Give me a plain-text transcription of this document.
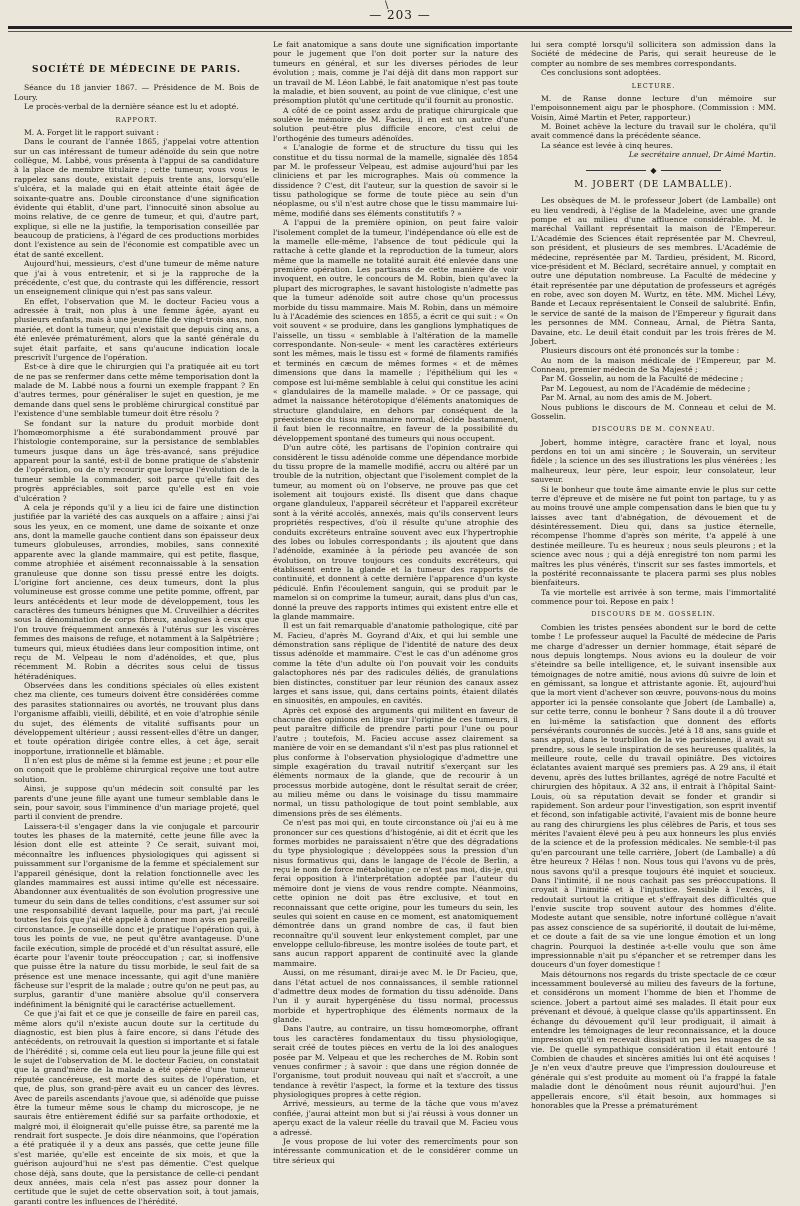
\
— 203 —
SOCIÉTÉ DE MÉDECINE DE PARIS.

Séance du 18 janvier 1867. — Présidence de M. Bois de Loury.

Le procès-verbal de la dernière séance est lu et adopté.

RAPPORT.

M. A. Forget lit le rapport suivant :

Dans le courant de l'année 1865, j'appelai votre attention sur un cas intéressant de tumeur adénoïde du sein que notre collègue, M. Labbé, vous présenta à l'appui de sa candidature à la place de membre titulaire ; cette tumeur, vous vous le rappelez sans doute, existait depuis trente ans, lorsqu'elle s'ulcéra, et la malade qui en était atteinte était âgée de soixante-quatre ans. Double circonstance d'une signification évidente qui établit, d'une part, l'innocuité sinon absolue au moins relative, de ce genre de tumeur, et qui, d'autre part, explique, si elle ne la justifie, la temporisation conseillée par beaucoup de praticiens, à l'égard de ces productions morbides dont l'existence au sein de l'économie est compatible avec un état de santé excellent.

Aujourd'hui, messieurs, c'est d'une tumeur de même nature que j'ai à vous entretenir, et si je la rapproche de la précédente, c'est que, du contraste qui les différencie, ressort un enseignement clinique qui n'est pas sans valeur.

En effet, l'observation que M. le docteur Facieu vous a adressée à trait, non plus à une femme âgée, ayant eu plusieurs enfants, mais à une jeune fille de vingt-trois ans, non mariée, et dont la tumeur, qui n'existait que depuis cinq ans, a été enlevée prématurément, alors que la santé générale du sujet était parfaite, et sans qu'aucune indication locale prescrivît l'urgence de l'opération.

Est-ce à dire que le chirurgien qui l'a pratiquée ait eu tort de ne pas se renfermer dans cette même temporisation dont la malade de M. Labbé nous a fourni un exemple frappant ? En d'autres termes, pour généraliser le sujet en question, je me demande dans quel sens le problème chirurgical constitué par l'existence d'une semblable tumeur doit être résolu ?

Se fondant sur la nature du produit morbide dont l'homœomorphisme a été surabondamment prouvé par l'histologie contemporaine, sur la persistance de semblables tumeurs jusque dans un âge très-avancé, sans préjudice apparent pour la santé, est-il de bonne pratique de s'abstenir de l'opération, ou de n'y recourir que lorsque l'évolution de la tumeur semble la commander, soit parce qu'elle fait des progrès appréciables, soit parce qu'elle est en voie d'ulcération ?

A cela je réponds qu'il y a lieu ici de faire une distinction justifiée par la variété des cas auxquels on a affaire ; ainsi j'ai sous les yeux, en ce moment, une dame de soixante et onze ans, dont la mamelle gauche contient dans son épaisseur deux tumeurs globuleuses, arrondies, mobiles, sans connexité apparente avec la glande mammaire, qui est petite, flasque, comme atrophiée et aisément reconnaissable à la sensation granuleuse que donne son tissu pressé entre les doigts. L'origine fort ancienne, ces deux tumeurs, dont la plus volumineuse est grosse comme une petite pomme, offrent, par leurs antécédents et leur mode de développement, tous les caractères des tumeurs bénignes que M. Cruveilhier a décrites sous la dénomination de corps fibreux, analogues à ceux que l'on trouve fréquemment annexés à l'utérus sur les viscères femmes des maisons de refuge, et notamment à la Salpêtrière ; tumeurs qui, mieux étudiées dans leur composition intime, ont reçu de M. Velpeau le nom d'adénoïdes, et que, plus récemment M. Robin a décrites sous celui de tissus hétéradéniques.

Observées dans les conditions spéciales où elles existent chez ma cliente, ces tumeurs doivent être considérées comme des parasites stationnaires ou avortés, ne trouvant plus dans l'organisme affaibli, vieilli, débilité, et en voie d'atrophie sénile du sujet, des éléments de vitalité suffisants pour un développement ultérieur ; aussi ressent-elles d'être un danger, et toute opération dirigée contre elles, à cet âge, serait inopportune, irrationnelle et blâmable.

Il n'en est plus de même si la femme est jeune ; et pour elle on conçoit que le problème chirurgical reçoive une tout autre solution.

Ainsi, je suppose qu'un médecin soit consulté par les parents d'une jeune fille ayant une tumeur semblable dans le sein, pour savoir, sous l'imminence d'un mariage projeté, quel parti il convient de prendre.

Laissera-t-il s'engager dans la vie conjugale et parcourir toutes les phases de la maternité, cette jeune fille avec la lésion dont elle est atteinte ? Ce serait, suivant moi, méconnaître les influences physiologiques qui agissent si puissamment sur l'organisme de la femme et spécialement sur l'appareil génésique, dont la relation fonctionnelle avec les glandes mammaires est aussi intime qu'elle est nécessaire. Abandonner aux éventualités de son évolution progressive une tumeur du sein dans de telles conditions, c'est assumer sur soi une responsabilité devant laquelle, pour ma part, j'ai reculé toutes les fois que j'ai été appelé à donner mon avis en pareille circonstance. Je conseille donc et je pratique l'opération qui, à tous les points de vue, ne peut qu'être avantageuse. D'une facile exécution, simple de procédé et d'un résultat assuré, elle écarte pour l'avenir toute préoccupation ; car, si inoffensive que puisse être la nature du tissu morbide, le seul fait de sa présence est une menace incessante, qui agit d'une manière fâcheuse sur l'esprit de la malade ; outre qu'on ne peut pas, au surplus, garantir d'une manière absolue qu'il conservera indéfiniment la bénignité qui le caractérise actuellement.

Ce que j'ai fait et ce que je conseille de faire en pareil cas, même alors qu'il n'existe aucun doute sur la certitude du diagnostic, est bien plus à faire encore, si dans l'étude des antécédents, on retrouvait la question si importante et si fatale de l'hérédité ; si, comme cela eut lieu pour la jeune fille qui est le sujet de l'observation de M. le docteur Facieu, on constatait que la grand'mère de la malade a été opérée d'une tumeur réputée cancéreuse, est morte des suites de l'opération, et que, de plus, son grand-père avait eu un cancer des lèvres. Avec de pareils ascendants j'avoue que, si adénoïde que puisse être la tumeur même sous le champ du microscope, je ne saurais être entièrement édifié sur sa parfaite orthodoxie, et malgré moi, il éloignerait qu'elle puisse être, sa parenté me la rendrait fort suspecte. Je dois dire néanmoins, que l'opération a été pratiquée il y a deux ans passés, que cette jeune fille s'est mariée, qu'elle est enceinte de six mois, et que la guérison aujourd'hui ne s'est pas démentie. C'est quelque chose déjà, sans doute, que la persistance de celle-ci pendant deux années, mais cela n'est pas assez pour donner la certitude que le sujet de cette observation soit, à tout jamais, garanti contre les influences de l'hérédité.

Le fait anatomique a sans doute une signification importante pour le jugement que l'on doit porter sur la nature des tumeurs en général, et sur les diverses périodes de leur évolution ; mais, comme je l'ai déjà dit dans mon rapport sur un travail de M. Léon Labbé, le fait anatomique n'est pas toute la maladie, et bien souvent, au point de vue clinique, c'est une présomption plutôt qu'une certitude qu'il fournit au pronostic.

A côté de ce point assez ardu de pratique chirurgicale que soulève le mémoire de M. Facieu, il en est un autre d'une solution peut-être plus difficile encore, c'est celui de l'orthogénie des tumeurs adénoïdes.

« L'analogie de forme et de structure du tissu qui les constitue et du tissu normal de la mamelle, signalée dès 1854 par M. le professeur Velpeau, est admise aujourd'hui par les cliniciens et par les micrographes. Mais où commence la dissidence ? C'est, dit l'auteur, sur la question de savoir si le tissu pathologique se forme de toute pièce au sein d'un néoplasme, ou s'il n'est autre chose que le tissu mammaire lui-même, modifié dans ses éléments constitutifs ? »

A l'appui de la première opinion, on peut faire valoir l'isolement complet de la tumeur, l'indépendance où elle est de la mamelle elle-même, l'absence de tout pédicule qui la rattache à cette glande et la reproduction de la tumeur, alors même que la mamelle ne totalité aurait été enlevée dans une première opération. Les partisans de cette manière de voir invoquent, en outre, le concours de M. Robin, bien qu'avec la plupart des micrographes, le savant histologiste n'admette pas que la tumeur adénoïde soit autre chose qu'un processus morbide du tissu mammaire. Mais M. Robin, dans un mémoire lu à l'Académie des sciences en 1855, a écrit ce qui suit : « On voit souvent « se produire, dans les ganglions lymphatiques de l'aisselle, un tissu « semblable à l'altération de la mamelle correspondante. Non-seule- « ment les caractères extérieurs sont les mêmes, mais le tissu est « formé de filaments ramifiés et terminés en cæcum de mêmes formes « et de mêmes dimensions que dans la mamelle ; l'épithélium qui les « compose est lui-même semblable à celui qui constitue les acini « glandulaires de la mamelle malade. » Or ce passage, qui admet la naissance hétérotopique d'éléments anatomiques de structure glandulaire, en dehors par conséquent de la préexistence du tissu mammaire normal, décide bastamment, il faut bien le reconnaître, en faveur de la possibilité du développement spontané des tumeurs qui nous occupent.

D'un autre côté, les partisans de l'opinion contraire qui considèrent le tissu adénoïde comme une dépendance morbide du tissu propre de la mamelle modifié, accru ou altéré par un trouble de la nutrition, objectant que l'isolement complet de la tumeur, au moment où on l'observe, ne prouve pas que cet isolement ait toujours existé. Ils disent que dans chaque organe glanduleux, l'appareil sécréteur et l'appareil excréteur sont à la vérité accolés, annexés, mais qu'ils conservent leurs propriétés respectives, d'où il résulte qu'une atrophie des conduits excréteurs entraîne souvent avec eux l'hypertrophie des lobes ou lobules correspondants ; ils ajoutent que dans l'adénoïde, examinée à la période peu avancée de son évolution, on trouve toujours ces conduits excréteurs, qui établissent entre la glande et la tumeur des rapports de continuité, et donnent à cette dernière l'apparence d'un kyste pédiculé. Enfin l'écoulement sanguin, qui se produit par le mamelon si on comprime la tumeur, aurait, dans plus d'un cas, donné la preuve des rapports intimes qui existent entre elle et la glande mammaire.

Il est un fait remarquable d'anatomie pathologique, cité par M. Facieu, d'après M. Goyrand d'Aix, et qui lui semble une démonstration sans réplique de l'identité de nature des deux tissus adénoïde et mammaire. C'est le cas d'un adénome gros comme la tête d'un adulte où l'on pouvait voir les conduits galactophores nés par des radicules déliés, de granulations bien distinctes, constituer par leur réunion des canaux assez larges et sans issue, qui, dans certains points, étaient dilatés en sinuosités, en ampoules, en cavités.

Après cet exposé des arguments qui militent en faveur de chacune des opinions en litige sur l'origine de ces tumeurs, il peut paraître difficile de prendre parti pour l'une ou pour l'autre ; toutefois, M. Facieu accuse assez clairement sa manière de voir en se demandant s'il n'est pas plus rationnel et plus conforme à l'observation physiologique d'admettre une simple exagération du travail nutritif s'exerçant sur les éléments normaux de la glande, que de recourir à un processus morbide autogène, dont le résultat serait de créer, au milieu même ou dans le voisinage du tissu mammaire normal, un tissu pathologique de tout point semblable, aux dimensions près de ses éléments.

Ce n'est pas moi qui, en toute circonstance où j'ai eu à me prononcer sur ces questions d'histogénie, ai dit et écrit que les formes morbides ne paraissaient n'être que des dégradations du type physiologique ; développées sous la pression d'un nisus formativus qui, dans le langage de l'école de Berlin, a reçu le nom de force métabolique ; ce n'est pas moi, dis-je, qui ferai opposition à l'interprétation adoptée par l'auteur du mémoire dont je viens de vous rendre compte. Néanmoins, cette opinion ne doit pas être exclusive, et tout en reconnaissant que cette origine, pour les tumeurs du sein, les seules qui soient en cause en ce moment, est anatomiquement démontrée dans un grand nombre de cas, il faut bien reconnaître qu'il souvent leur enkystement complet, par une enveloppe cellulo-fibreuse, les montre isolées de toute part, et sans aucun rapport apparent de continuité avec la glande mammaire.

Aussi, on me résumant, dirai-je avec M. le Dr Facieu, que, dans l'état actuel de nos connaissances, il semble rationnel d'admettre deux modes de formation du tissu adénoïde. Dans l'un il y aurait hypergénèse du tissu normal, processus morbide et hypertrophique des éléments normaux de la glande.

Dans l'autre, au contraire, un tissu homœomorphe, offrant tous les caractères fondamentaux du tissu physiologique, serait créé de toutes pièces en vertu de la loi des analogues posée par M. Velpeau et que les recherches de M. Robin sont venues confirmer ; à savoir : que dans une région donnée de l'organisme, tout produit nouveau qui naît et s'accroît, a une tendance à revêtir l'aspect, la forme et la texture des tissus physiologiques propres à cette région.

Arrivé, messieurs, au terme de la tâche que vous m'avez confiée, j'aurai atteint mon but si j'ai réussi à vous donner un aperçu exact de la valeur réelle du travail que M. Facieu vous a adressé.

Je vous propose de lui voter des remercîments pour son intéressante communication et de le considérer comme un titre sérieux qui

lui sera compté lorsqu'il sollicitera son admission dans la Société de médecine de Paris, qui serait heureuse de le compter au nombre de ses membres correspondants.

Ces conclusions sont adoptées.

LECTURE.

M. de Ranse donne lecture d'un mémoire sur l'empoisonnement aigu par le phosphore. (Commission : MM. Voisin, Aimé Martin et Peter, rapporteur.)

M. Boinet achève la lecture du travail sur le choléra, qu'il avait commencé dans la précédente séance.

La séance est levée à cinq heures.

Le secrétaire annuel, Dr Aimé Martin.

◆
M. JOBERT (DE LAMBALLE).

Les obsèques de M. le professeur Jobert (de Lamballe) ont eu lieu vendredi, à l'église de la Madeleine, avec une grande pompe et au milieu d'une affluence considérable. M. le maréchal Vaillant représentait la maison de l'Empereur. L'Académie des Sciences était représentée par M. Chevreul, son président, et plusieurs de ses membres. L'Académie de médecine, représentée par M. Tardieu, président, M. Ricord, vice-président et M. Béclard, secrétaire annuel, y comptait en outre une députation nombreuse. La Faculté de médecine y était représentée par une députation de professeurs et agrégés en robe, avec son doyen M. Wurtz, en tête. MM. Michel Lévy, Bande et Lecaux représentaient le Conseil de salubrité. Enfin, le service de santé de la maison de l'Empereur y figurait dans les personnes de MM. Conneau, Arnal, de Piètra Santa, Davaine, etc. Le deuil était conduit par les trois frères de M. Jobert.

Plusieurs discours ont été prononcés sur la tombe :

Au nom de la maison médicale de l'Empereur, par M. Conneau, premier médecin de Sa Majesté ;

Par M. Gosselin, au nom de la Faculté de médecine ;

Par M. Legouest, au nom de l'Académie de médecine ;

Par M. Arnal, au nom des amis de M. Jobert.

Nous publions le discours de M. Conneau et celui de M. Gosselin.

DISCOURS DE M. CONNEAU.

Jobert, homme intègre, caractère franc et loyal, nous perdons en toi un ami sincère ; le Souverain, un serviteur fidèle ; la science un des ses illustrations les plus vénérées ; les malheureux, leur père, leur espoir, leur consolateur, leur sauveur.

Si le bonheur que toute âme aimante envie le plus sur cette terre d'épreuve et de misère ne fut point ton partage, tu y as au moins trouvé une ample compensation dans le bien que tu y laisses avec tant d'abnégation, de dévouement et de désintéressement. Dieu qui, dans sa justice éternelle, récompense l'homme d'après son mérite, t'a appelé à une destinée meilleure. Tu es heureux ; nous seuls pleurons ; et la science avec nous ; qui a déjà enregistré ton nom parmi les maîtres les plus vénérés, t'inscrit sur ses fastes immortels, et la postérité reconnaissante te placera parmi ses plus nobles bienfaiteurs.

Ta vie mortelle est arrivée à son terme, mais l'immortalité commence pour toi. Repose en paix !

DISCOURS DE M. GOSSELIN.

Combien les tristes pensées abondent sur le bord de cette tombe ! Le professeur auquel la Faculté de médecine de Paris me charge d'adresser un dernier hommage, était séparé de nous depuis longtemps. Nous avions eu la douleur de voir s'éteindre sa belle intelligence, et, le suivant insensible aux témoignages de notre amitié, nous avions dû suivre de loin et en gémissant, sa longue et attristante agonie. Et, aujourd'hui que la mort vient d'achever son œuvre, pouvons-nous du moins apporter ici la pensée consolante que Jobert (de Lamballe) a, sur cette terre, connu le bonheur ? Sans doute il a dû trouver en lui-même la satisfaction que donnent des efforts persévérants couronnés de succès. Jeté à 18 ans, sans guide et sans appui, dans le tourbillon de la vie parisienne, il avait su prendre, sous le seule inspiration de ses heureuses qualités, la meilleure route, celle du travail opiniâtre. Des victoires éclatantes avaient marqué ses premiers pas. A 29 ans, il était devenu, après des luttes brillantes, agrégé de notre Faculté et chirurgien des hôpitaux. A 32 ans, il entrait à l'hôpital Saint-Louis, où sa réputation devait se fonder et grandir si rapidement. Son ardeur pour l'investigation, son esprit inventif et fécond, son infatigable activité, l'avaient mis de bonne heure au rang des chirurgiens les plus célèbres de Paris, et tous ses mérites l'avaient élevé peu à peu aux honneurs les plus enviés de la science et de la profession médicales. Ne semble-t-il pas qu'en parcourant une telle carrière, Jobert (de Lamballe) a dû être heureux ? Hélas ! non. Nous tous qui l'avons vu de près, nous savons qu'il a presque toujours été inquiet et soucieux. Dans l'intimité, il ne nous cachait pas ses préoccupations. Il croyait à l'inimitié et à l'injustice. Sensible à l'excès, il redoutait surtout la critique et s'effrayait des difficultés que l'envie suscite trop souvent autour des hommes d'élite. Modeste autant que sensible, notre infortuné collègue n'avait pas assez conscience de sa supériorité, il doutait de lui-même, et ce doute a fait de sa vie une longue émotion et un long chagrin. Pourquoi la destinée a-t-elle voulu que son âme impressionnable n'ait pu s'épancher et se retremper dans les douceurs d'un foyer domestique !

Mais détournons nos regards du triste spectacle de ce cœur incessamment bouleversé au milieu des faveurs de la fortune, et considérons un moment l'homme de bien et l'homme de science. Jobert a partout aimé ses malades. Il était pour eux prévenant et dévoué, à quelque classe qu'ils appartinssent. En échange du dévouement qu'il leur prodiguait, il aimait à entendre les témoignages de leur reconnaissance, et la douce impression qu'il en recevait dissipait un peu les nuages de sa vie. De quelle sympathique considération il était entouré ! Combien de chaudes et sincères amitiés lui ont été acquises ! Je n'en veux d'autre preuve que l'impression douloureuse et générale qui s'est produite au moment où l'a frappé la fatale maladie dont le dénoûment nous réunit aujourd'hui. J'en appellerais encore, s'il était besoin, aux hommages si honorables que la Presse a prématurément
